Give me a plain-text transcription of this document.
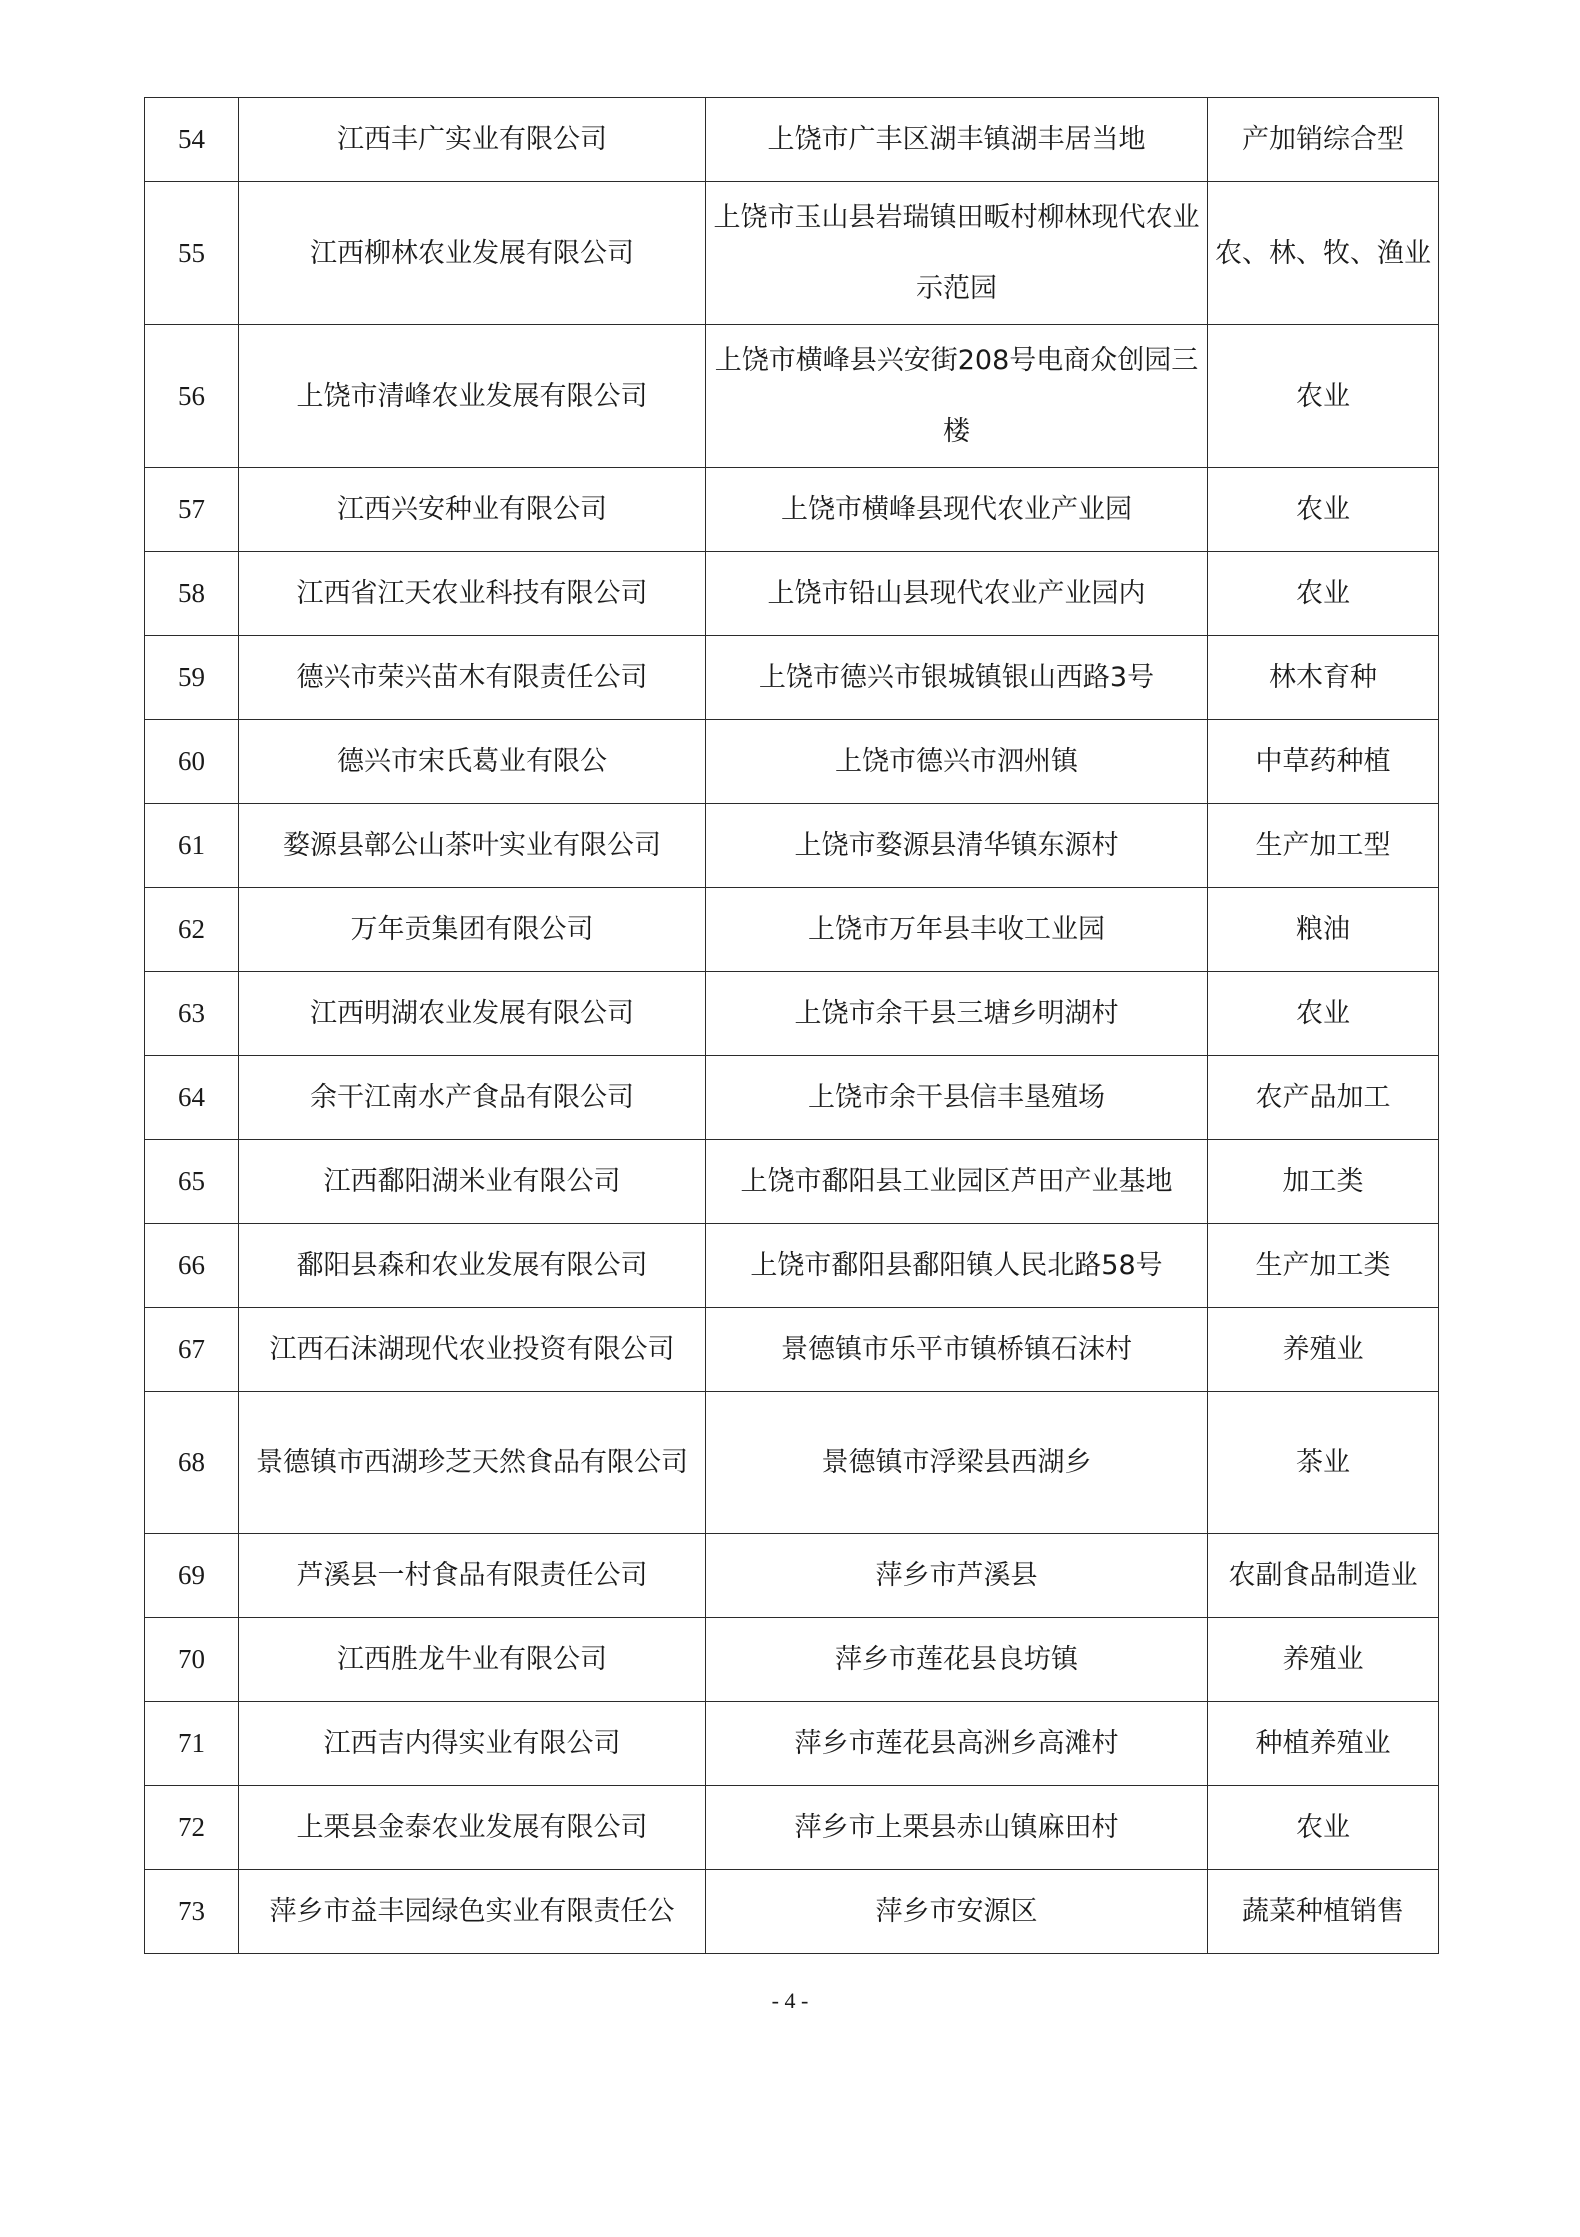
54	江西丰广实业有限公司	上饶市广丰区湖丰镇湖丰居当地	产加销综合型
55	江西柳林农业发展有限公司	上饶市玉山县岩瑞镇田畈村柳林现代农业示范园	农、林、牧、渔业
56	上饶市清峰农业发展有限公司	上饶市横峰县兴安街208号电商众创园三楼	农业
57	江西兴安种业有限公司	上饶市横峰县现代农业产业园	农业
58	江西省江天农业科技有限公司	上饶市铅山县现代农业产业园内	农业
59	德兴市荣兴苗木有限责任公司	上饶市德兴市银城镇银山西路3号	林木育种
60	德兴市宋氏葛业有限公	上饶市德兴市泗州镇	中草药种植
61	婺源县鄣公山茶叶实业有限公司	上饶市婺源县清华镇东源村	生产加工型
62	万年贡集团有限公司	上饶市万年县丰收工业园	粮油
63	江西明湖农业发展有限公司	上饶市余干县三塘乡明湖村	农业
64	余干江南水产食品有限公司	上饶市余干县信丰垦殖场	农产品加工
65	江西鄱阳湖米业有限公司	上饶市鄱阳县工业园区芦田产业基地	加工类
66	鄱阳县森和农业发展有限公司	上饶市鄱阳县鄱阳镇人民北路58号	生产加工类
67	江西石沫湖现代农业投资有限公司	景德镇市乐平市镇桥镇石沫村	养殖业
68	景德镇市西湖珍芝天然食品有限公司	景德镇市浮梁县西湖乡	茶业
69	芦溪县一村食品有限责任公司	萍乡市芦溪县	农副食品制造业
70	江西胜龙牛业有限公司	萍乡市莲花县良坊镇	养殖业
71	江西吉内得实业有限公司	萍乡市莲花县高洲乡高滩村	种植养殖业
72	上栗县金泰农业发展有限公司	萍乡市上栗县赤山镇麻田村	农业
73	萍乡市益丰园绿色实业有限责任公	萍乡市安源区	蔬菜种植销售
- 4 -
